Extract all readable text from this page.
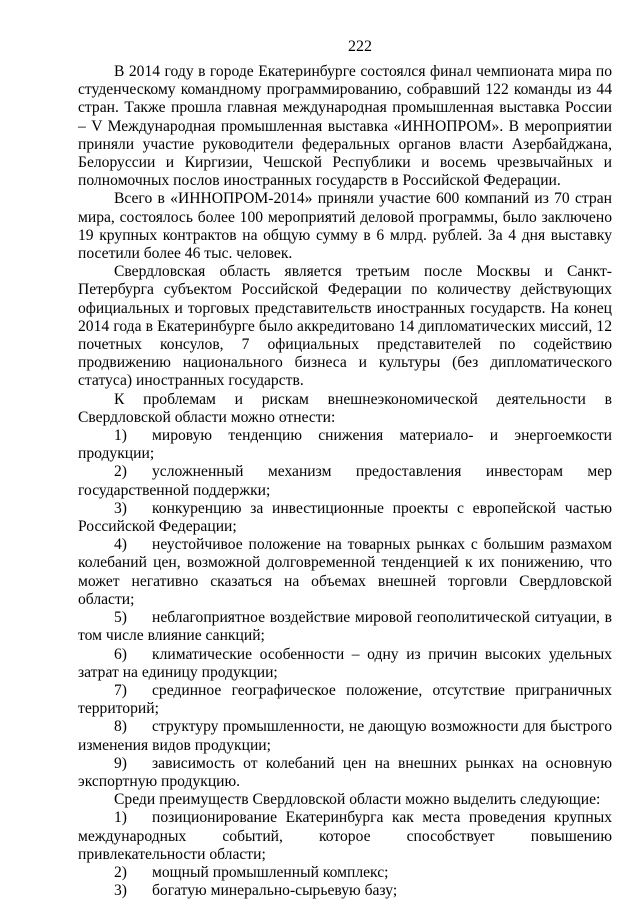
222

В 2014 году в городе Екатеринбурге состоялся финал чемпионата мира по студенческому командному программированию, собравший 122 команды из 44 стран. Также прошла главная международная промышленная выставка России – V Международная промышленная выставка «ИННОПРОМ». В мероприятии приняли участие руководители федеральных органов власти Азербайджана, Белоруссии и Киргизии, Чешской Республики и восемь чрезвычайных и полномочных послов иностранных государств в Российской Федерации.

Всего в «ИННОПРОМ-2014» приняли участие 600 компаний из 70 стран мира, состоялось более 100 мероприятий деловой программы, было заключено 19 крупных контрактов на общую сумму в 6 млрд. рублей. За 4 дня выставку посетили более 46 тыс. человек.

Свердловская область является третьим после Москвы и Санкт-Петербурга субъектом Российской Федерации по количеству действующих официальных и торговых представительств иностранных государств. На конец 2014 года в Екатеринбурге было аккредитовано 14 дипломатических миссий, 12 почетных консулов, 7 официальных представителей по содействию продвижению национального бизнеса и культуры (без дипломатического статуса) иностранных государств.

К проблемам и рискам внешнеэкономической деятельности в Свердловской области можно отнести:

1) мировую тенденцию снижения материало- и энергоемкости продукции;
2) усложненный механизм предоставления инвесторам мер государственной поддержки;
3) конкуренцию за инвестиционные проекты с европейской частью Российской Федерации;
4) неустойчивое положение на товарных рынках с большим размахом колебаний цен, возможной долговременной тенденцией к их понижению, что может негативно сказаться на объемах внешней торговли Свердловской области;
5) неблагоприятное воздействие мировой геополитической ситуации, в том числе влияние санкций;
6) климатические особенности – одну из причин высоких удельных затрат на единицу продукции;
7) срединное географическое положение, отсутствие приграничных территорий;
8) структуру промышленности, не дающую возможности для быстрого изменения видов продукции;
9) зависимость от колебаний цен на внешних рынках на основную экспортную продукцию.

Среди преимуществ Свердловской области можно выделить следующие:

1) позиционирование Екатеринбурга как места проведения крупных международных событий, которое способствует повышению привлекательности области;
2) мощный промышленный комплекс;
3) богатую минерально-сырьевую базу;
